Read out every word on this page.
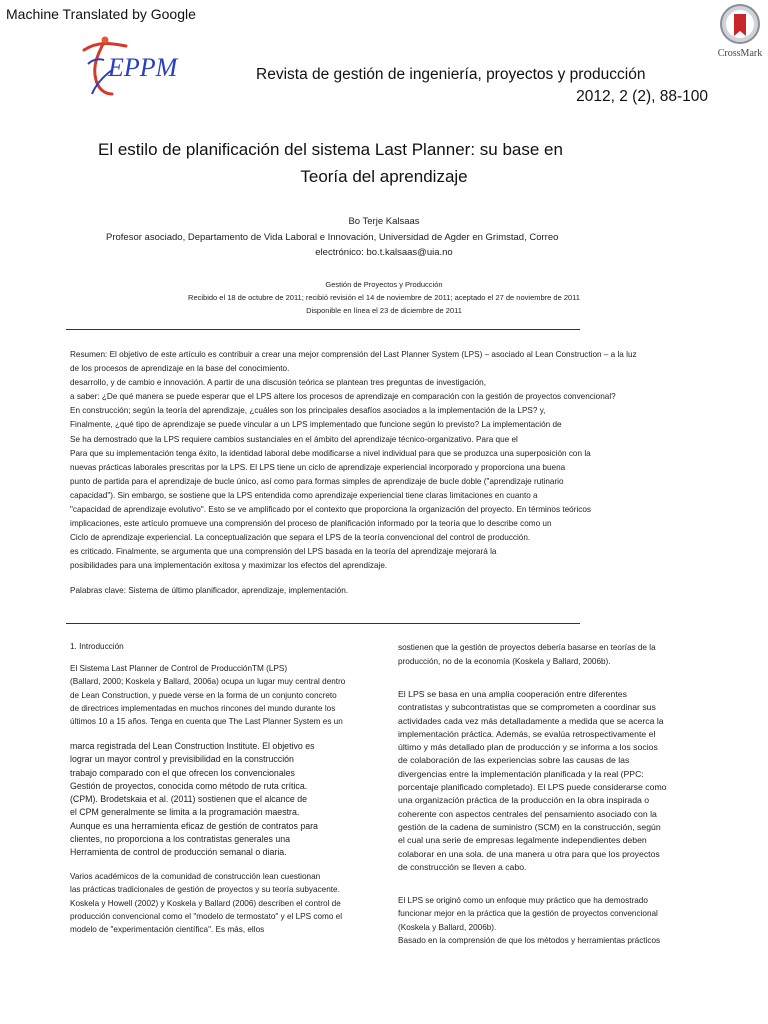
Machine Translated by Google
EPPM	CrossMark
Revista de gestión de ingeniería, proyectos y producción
2012, 2 (2), 88-100
El estilo de planificación del sistema Last Planner: su base en
Teoría del aprendizaje
Bo Terje Kalsaas
Profesor asociado, Departamento de Vida Laboral e Innovación, Universidad de Agder en Grimstad, Correo
electrónico: bo.t.kalsaas@uia.no
Gestión de Proyectos y Producción
Recibido el 18 de octubre de 2011; recibió revisión el 14 de noviembre de 2011; aceptado el 27 de noviembre de 2011
Disponible en línea el 23 de diciembre de 2011
Resumen: El objetivo de este artículo es contribuir a crear una mejor comprensión del Last Planner System (LPS) – asociado al Lean Construction – a la luz
de los procesos de aprendizaje en la base del conocimiento.
desarrollo, y de cambio e innovación. A partir de una discusión teórica se plantean tres preguntas de investigación,
a saber: ¿De qué manera se puede esperar que el LPS altere los procesos de aprendizaje en comparación con la gestión de proyectos convencional?
En construcción; según la teoría del aprendizaje, ¿cuáles son los principales desafíos asociados a la implementación de la LPS? y,
Finalmente, ¿qué tipo de aprendizaje se puede vincular a un LPS implementado que funcione según lo previsto? La implementación de
Se ha demostrado que la LPS requiere cambios sustanciales en el ámbito del aprendizaje técnico-organizativo. Para que el
Para que su implementación tenga éxito, la identidad laboral debe modificarse a nivel individual para que se produzca una superposición con la
nuevas prácticas laborales prescritas por la LPS. El LPS tiene un ciclo de aprendizaje experiencial incorporado y proporciona una buena
punto de partida para el aprendizaje de bucle único, así como para formas simples de aprendizaje de bucle doble ("aprendizaje rutinario
capacidad"). Sin embargo, se sostiene que la LPS entendida como aprendizaje experiencial tiene claras limitaciones en cuanto a
"capacidad de aprendizaje evolutivo". Esto se ve amplificado por el contexto que proporciona la organización del proyecto. En términos teóricos
implicaciones, este artículo promueve una comprensión del proceso de planificación informado por la teoría que lo describe como un
Ciclo de aprendizaje experiencial. La conceptualización que separa el LPS de la teoría convencional del control de producción.
es criticado. Finalmente, se argumenta que una comprensión del LPS basada en la teoría del aprendizaje mejorará la
posibilidades para una implementación exitosa y maximizar los efectos del aprendizaje.
Palabras clave: Sistema de último planificador, aprendizaje, implementación.
1. Introducción
El Sistema Last Planner de Control de ProducciónTM (LPS)
(Ballard, 2000; Koskela y Ballard, 2006a) ocupa un lugar muy central dentro
de Lean Construction, y puede verse en la forma de un conjunto concreto
de directrices implementadas en muchos rincones del mundo durante los
últimos 10 a 15 años. Tenga en cuenta que The Last Planner System es un
marca registrada del Lean Construction Institute. El objetivo es
lograr un mayor control y previsibilidad en la construcción
trabajo comparado con el que ofrecen los convencionales
Gestión de proyectos, conocida como método de ruta crítica.
(CPM). Brodetskaia et al. (2011) sostienen que el alcance de
el CPM generalmente se limita a la programación maestra.
Aunque es una herramienta eficaz de gestión de contratos para
clientes, no proporciona a los contratistas generales una
Herramienta de control de producción semanal o diaria.
Varios académicos de la comunidad de construcción lean cuestionan
las prácticas tradicionales de gestión de proyectos y su teoría subyacente.
Koskela y Howell (2002) y Koskela y Ballard (2006) describen el control de
producción convencional como el "modelo de termostato" y el LPS como el
modelo de "experimentación científica". Es más, ellos
sostienen que la gestión de proyectos debería basarse en teorías de la
producción, no de la economía (Koskela y Ballard, 2006b).
El LPS se basa en una amplia cooperación entre diferentes
contratistas y subcontratistas que se comprometen a coordinar sus
actividades cada vez más detalladamente a medida que se acerca la
implementación práctica. Además, se evalúa retrospectivamente el
último y más detallado plan de producción y se informa a los socios
de colaboración de las experiencias sobre las causas de las
divergencias entre la implementación planificada y la real (PPC:
porcentaje planificado completado). El LPS puede considerarse como
una organización práctica de la producción en la obra inspirada o
coherente con aspectos centrales del pensamiento asociado con la
gestión de la cadena de suministro (SCM) en la construcción, según
el cual una serie de empresas legalmente independientes deben
colaborar en una sola. de una manera u otra para que los proyectos
de construcción se lleven a cabo.
El LPS se originó como un enfoque muy práctico que ha demostrado
funcionar mejor en la práctica que la gestión de proyectos convencional
(Koskela y Ballard, 2006b).
Basado en la comprensión de que los métodos y herramientas prácticos
